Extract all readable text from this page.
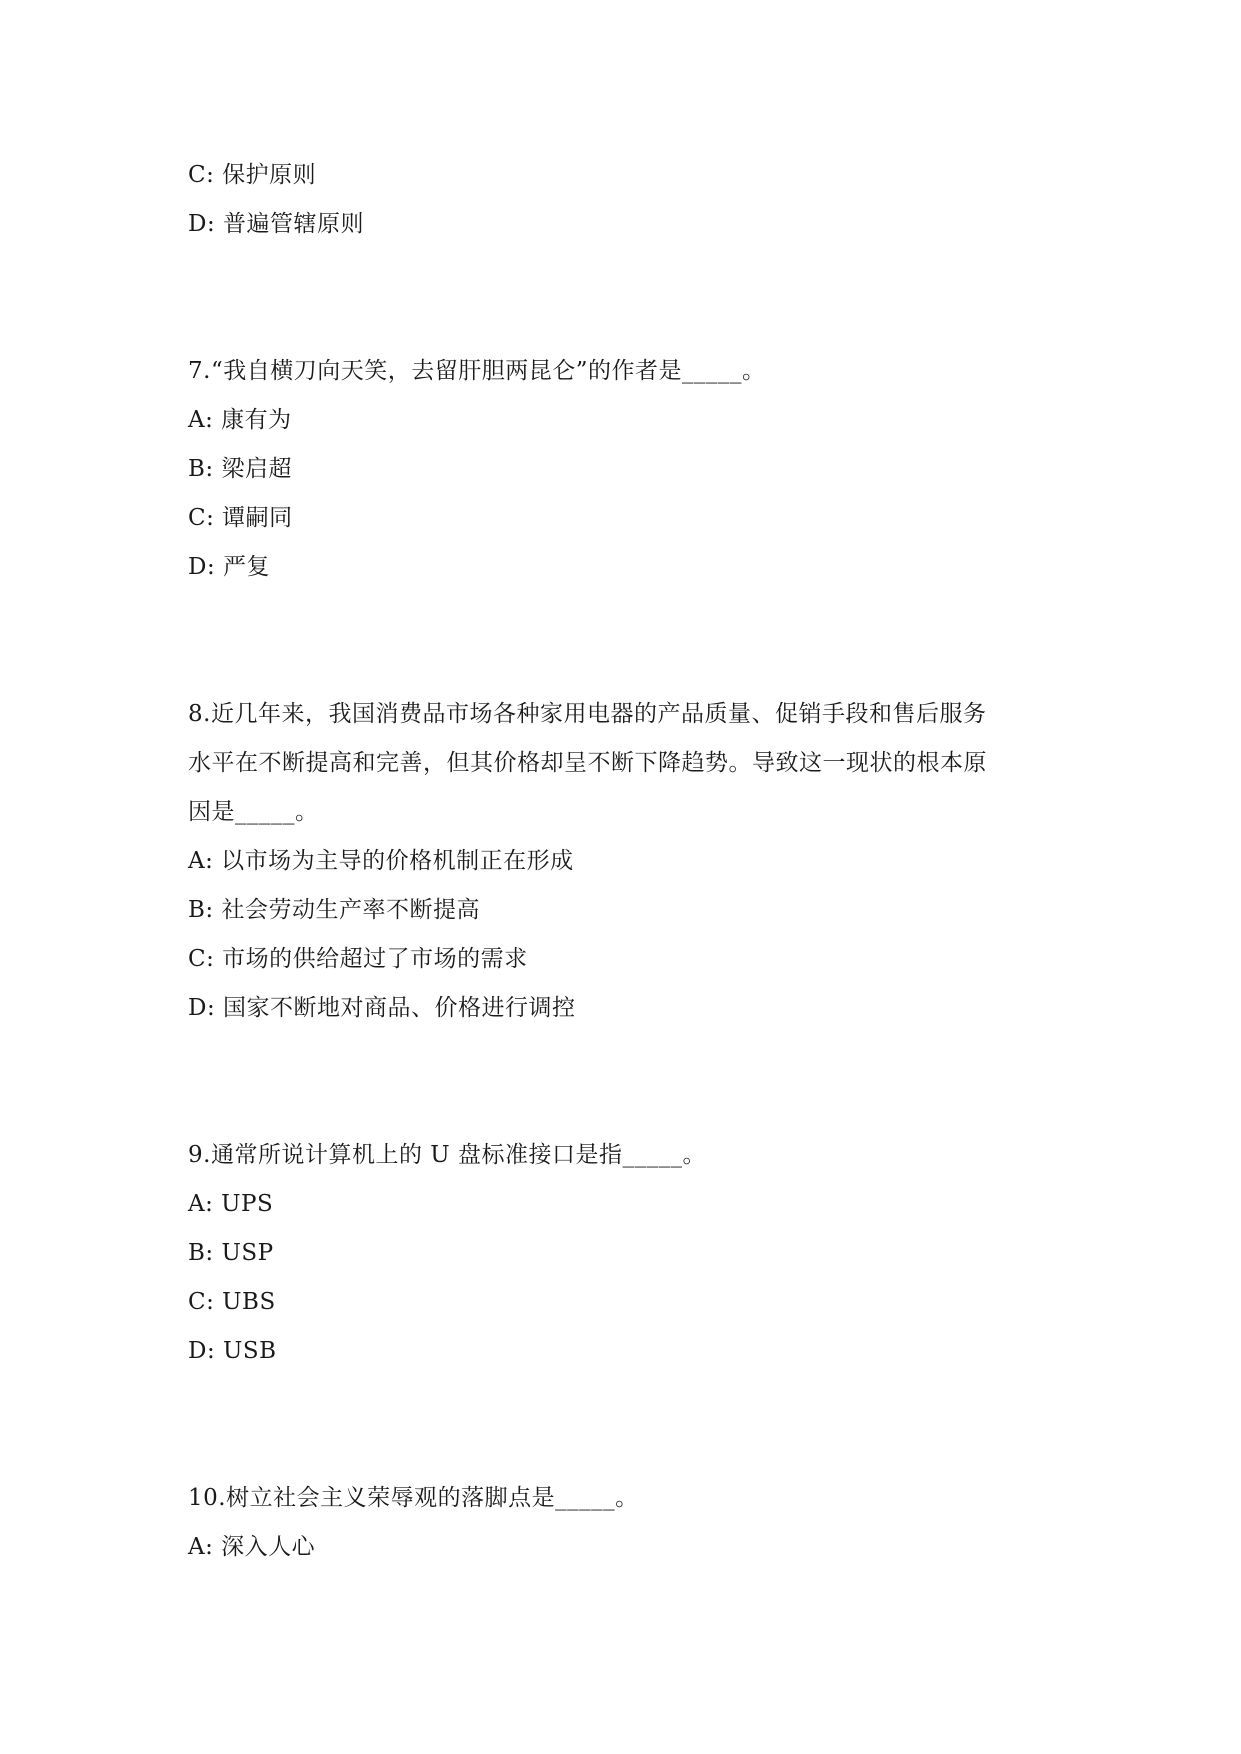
C: 保护原则
D: 普遍管辖原则
7.“我自横刀向天笑，去留肝胆两昆仑”的作者是_____。
A: 康有为
B: 梁启超
C: 谭嗣同
D: 严复
8.近几年来，我国消费品市场各种家用电器的产品质量、促销手段和售后服务
水平在不断提高和完善，但其价格却呈不断下降趋势。导致这一现状的根本原
因是_____。
A: 以市场为主导的价格机制正在形成
B: 社会劳动生产率不断提高
C: 市场的供给超过了市场的需求
D: 国家不断地对商品、价格进行调控
9.通常所说计算机上的 U 盘标准接口是指_____。
A: UPS
B: USP
C: UBS
D: USB
10.树立社会主义荣辱观的落脚点是_____。
A: 深入人心
